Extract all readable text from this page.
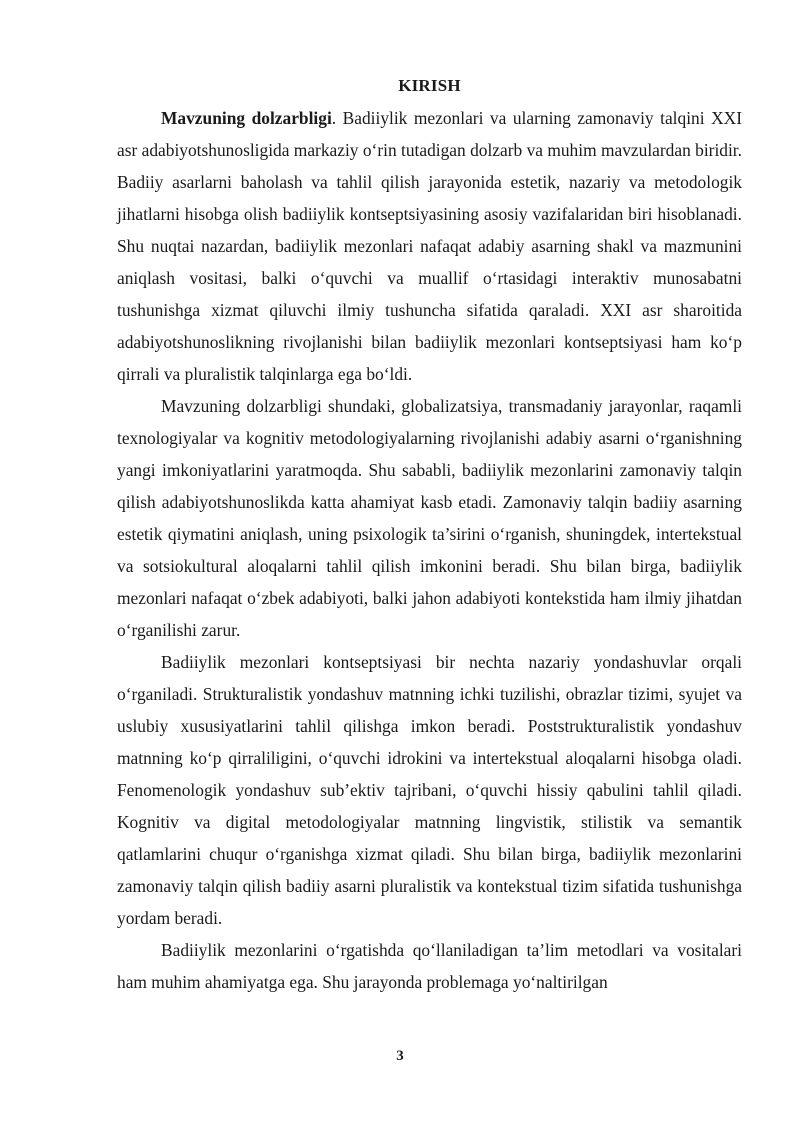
KIRISH

Mavzuning dolzarbligi. Badiiylik mezonlari va ularning zamonaviy talqini XXI asr adabiyotshunosligida markaziy o‘rin tutadigan dolzarb va muhim mavzulardan biridir. Badiiy asarlarni baholash va tahlil qilish jarayonida estetik, nazariy va metodologik jihatlarni hisobga olish badiiylik kontseptsiyasining asosiy vazifalaridan biri hisoblanadi. Shu nuqtai nazardan, badiiylik mezonlari nafaqat adabiy asarning shakl va mazmunini aniqlash vositasi, balki o‘quvchi va muallif o‘rtasidagi interaktiv munosabatni tushunishga xizmat qiluvchi ilmiy tushuncha sifatida qaraladi. XXI asr sharoitida adabiyotshunoslikning rivojlanishi bilan badiiylik mezonlari kontseptsiyasi ham ko‘p qirrali va pluralistik talqinlarga ega bo‘ldi.

Mavzuning dolzarbligi shundaki, globalizatsiya, transmadaniy jarayonlar, raqamli texnologiyalar va kognitiv metodologiyalarning rivojlanishi adabiy asarni o‘rganishning yangi imkoniyatlarini yaratmoqda. Shu sababli, badiiylik mezonlarini zamonaviy talqin qilish adabiyotshunoslikda katta ahamiyat kasb etadi. Zamonaviy talqin badiiy asarning estetik qiymatini aniqlash, uning psixologik ta’sirini o‘rganish, shuningdek, intertekstual va sotsiokultural aloqalarni tahlil qilish imkonini beradi. Shu bilan birga, badiiylik mezonlari nafaqat o‘zbek adabiyoti, balki jahon adabiyoti kontekstida ham ilmiy jihatdan o‘rganilishi zarur.

Badiiylik mezonlari kontseptsiyasi bir nechta nazariy yondashuvlar orqali o‘rganiladi. Strukturalistik yondashuv matnning ichki tuzilishi, obrazlar tizimi, syujet va uslubiy xususiyatlarini tahlil qilishga imkon beradi. Poststrukturalistik yondashuv matnning ko‘p qirraliligini, o‘quvchi idrokini va intertekstual aloqalarni hisobga oladi. Fenomenologik yondashuv sub’ektiv tajribani, o‘quvchi hissiy qabulini tahlil qiladi. Kognitiv va digital metodologiyalar matnning lingvistik, stilistik va semantik qatlamlarini chuqur o‘rganishga xizmat qiladi. Shu bilan birga, badiiylik mezonlarini zamonaviy talqin qilish badiiy asarni pluralistik va kontekstual tizim sifatida tushunishga yordam beradi.

Badiiylik mezonlarini o‘rgatishda qo‘llaniladigan ta’lim metodlari va vositalari ham muhim ahamiyatga ega. Shu jarayonda problemaga yo‘naltirilgan

3
